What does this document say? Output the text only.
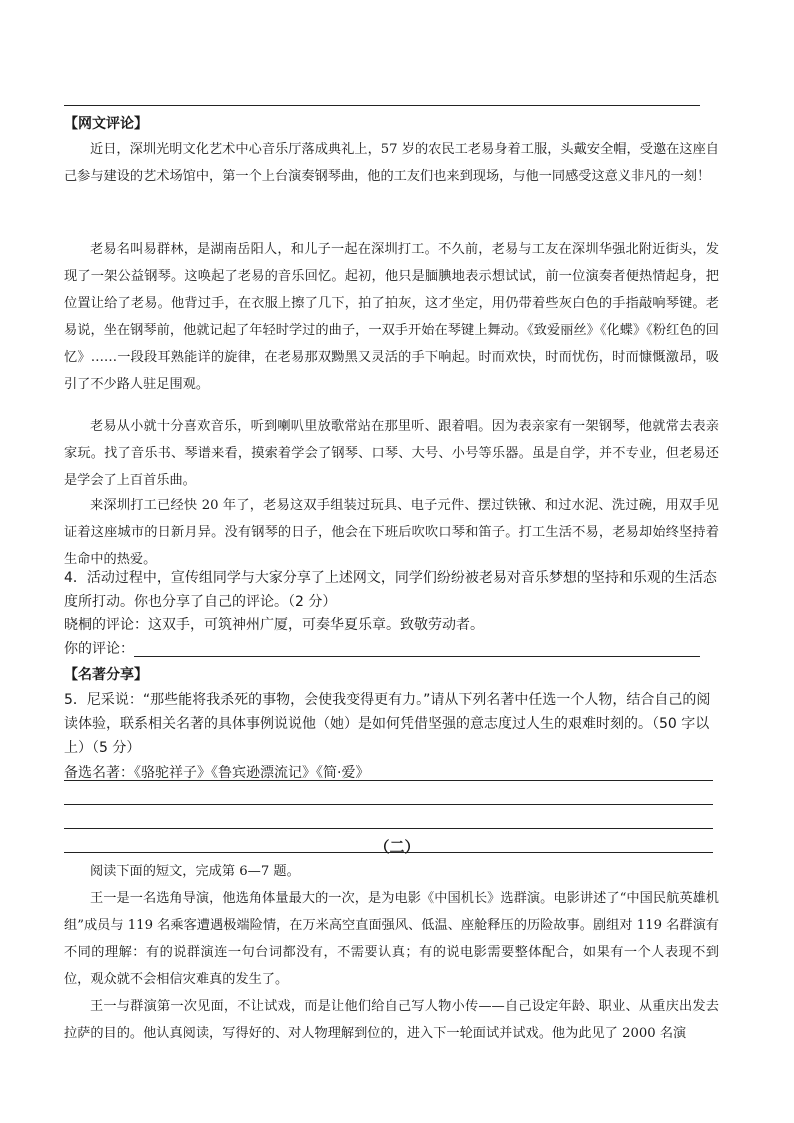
【网文评论】

近日，深圳光明文化艺术中心音乐厅落成典礼上，57 岁的农民工老易身着工服，头戴安全帽，受邀在这座自己参与建设的艺术场馆中，第一个上台演奏钢琴曲，他的工友们也来到现场，与他一同感受这意义非凡的一刻！

老易名叫易群林，是湖南岳阳人，和儿子一起在深圳打工。不久前，老易与工友在深圳华强北附近街头，发现了一架公益钢琴。这唤起了老易的音乐回忆。起初，他只是腼腆地表示想试试，前一位演奏者便热情起身，把位置让给了老易。他背过手，在衣服上擦了几下，拍了拍灰，这才坐定，用仍带着些灰白色的手指敲响琴键。老易说，坐在钢琴前，他就记起了年轻时学过的曲子，一双手开始在琴键上舞动。《致爱丽丝》《化蝶》《粉红色的回忆》……一段段耳熟能详的旋律，在老易那双黝黑又灵活的手下响起。时而欢快，时而忧伤，时而慷慨激昂，吸引了不少路人驻足围观。

老易从小就十分喜欢音乐，听到喇叭里放歌常站在那里听、跟着唱。因为表亲家有一架钢琴，他就常去表亲家玩。找了音乐书、琴谱来看，摸索着学会了钢琴、口琴、大号、小号等乐器。虽是自学，并不专业，但老易还是学会了上百首乐曲。

来深圳打工已经快 20 年了，老易这双手组装过玩具、电子元件、摆过铁锹、和过水泥、洗过碗，用双手见证着这座城市的日新月异。没有钢琴的日子，他会在下班后吹吹口琴和笛子。打工生活不易，老易却始终坚持着生命中的热爱。

4．活动过程中，宣传组同学与大家分享了上述网文，同学们纷纷被老易对音乐梦想的坚持和乐观的生活态度所打动。你也分享了自己的评论。（2 分）

晓桐的评论：这双手，可筑神州广厦，可奏华夏乐章。致敬劳动者。
你的评论：
【名著分享】

5．尼采说：“那些能将我杀死的事物，会使我变得更有力。”请从下列名著中任选一个人物，结合自己的阅读体验，联系相关名著的具体事例说说他（她）是如何凭借坚强的意志度过人生的艰难时刻的。（50 字以上）（5 分）

备选名著：《骆驼祥子》《鲁宾逊漂流记》《简·爱》
（二）

阅读下面的短文，完成第 6—7 题。

王一是一名选角导演，他选角体量最大的一次，是为电影《中国机长》选群演。电影讲述了“中国民航英雄机组”成员与 119 名乘客遭遇极端险情，在万米高空直面强风、低温、座舱释压的历险故事。剧组对 119 名群演有不同的理解：有的说群演连一句台词都没有，不需要认真；有的说电影需要整体配合，如果有一个人表现不到位，观众就不会相信灾难真的发生了。

王一与群演第一次见面，不让试戏，而是让他们给自己写人物小传——自己设定年龄、职业、从重庆出发去拉萨的目的。他认真阅读，写得好的、对人物理解到位的，进入下一轮面试并试戏。他为此见了 2000 名演
